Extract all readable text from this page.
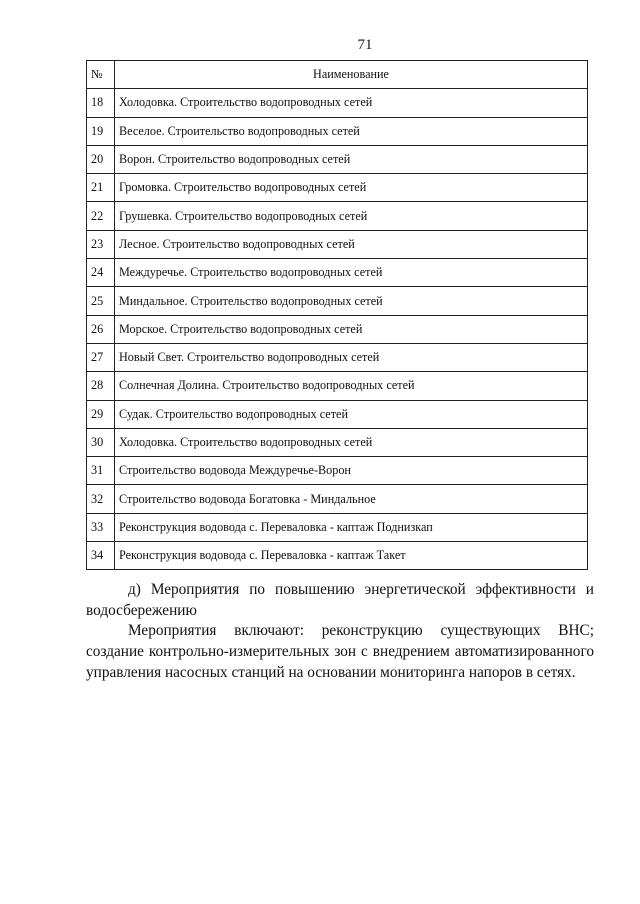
71
№	Наименование
18	Холодовка. Строительство водопроводных сетей
19	Веселое. Строительство водопроводных сетей
20	Ворон. Строительство водопроводных сетей
21	Громовка. Строительство водопроводных сетей
22	Грушевка. Строительство водопроводных сетей
23	Лесное. Строительство водопроводных сетей
24	Междуречье. Строительство водопроводных сетей
25	Миндальное. Строительство водопроводных сетей
26	Морское. Строительство водопроводных сетей
27	Новый Свет. Строительство водопроводных сетей
28	Солнечная Долина. Строительство водопроводных сетей
29	Судак. Строительство водопроводных сетей
30	Холодовка. Строительство водопроводных сетей
31	Строительство водовода Междуречье-Ворон
32	Строительство водовода Богатовка - Миндальное
33	Реконструкция водовода с. Переваловка - каптаж Поднизкап
34	Реконструкция водовода с. Переваловка - каптаж Такет
д) Мероприятия по повышению энергетической эффективности и водосбережению
Мероприятия включают: реконструкцию существующих ВНС; создание контрольно-измерительных зон с внедрением автоматизированного управления насосных станций на основании мониторинга напоров в сетях.
